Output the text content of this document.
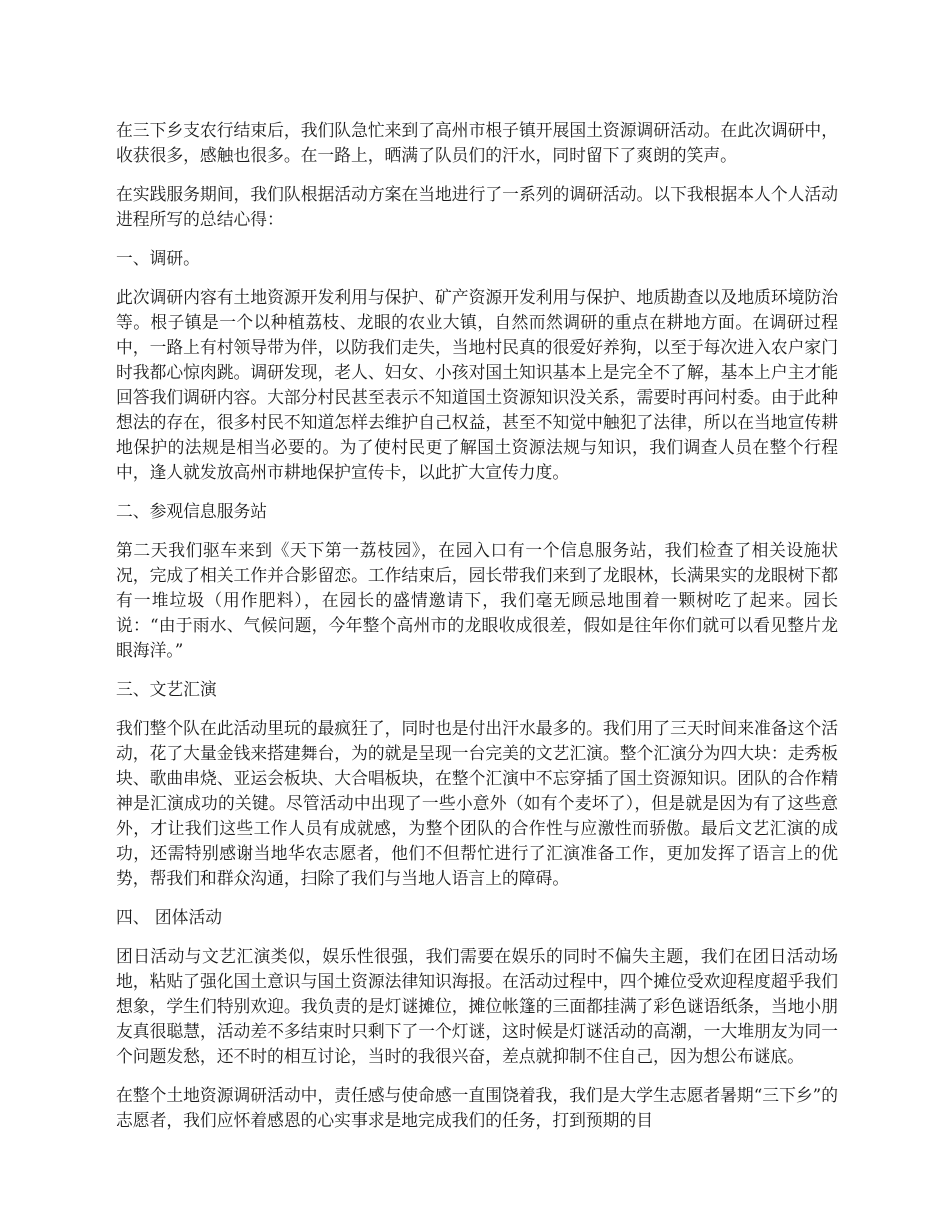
在三下乡支农行结束后，我们队急忙来到了高州市根子镇开展国土资源调研活动。在此次调研中，收获很多，感触也很多。在一路上，晒满了队员们的汗水，同时留下了爽朗的笑声。

在实践服务期间，我们队根据活动方案在当地进行了一系列的调研活动。以下我根据本人个人活动进程所写的总结心得：

一、调研。

此次调研内容有土地资源开发利用与保护、矿产资源开发利用与保护、地质勘查以及地质环境防治等。根子镇是一个以种植荔枝、龙眼的农业大镇，自然而然调研的重点在耕地方面。在调研过程中，一路上有村领导带为伴，以防我们走失，当地村民真的很爱好养狗，以至于每次进入农户家门时我都心惊肉跳。调研发现，老人、妇女、小孩对国土知识基本上是完全不了解，基本上户主才能回答我们调研内容。大部分村民甚至表示不知道国土资源知识没关系，需要时再问村委。由于此种想法的存在，很多村民不知道怎样去维护自己权益，甚至不知觉中触犯了法律，所以在当地宣传耕地保护的法规是相当必要的。为了使村民更了解国土资源法规与知识，我们调查人员在整个行程中，逢人就发放高州市耕地保护宣传卡，以此扩大宣传力度。

二、参观信息服务站

第二天我们驱车来到《天下第一荔枝园》，在园入口有一个信息服务站，我们检查了相关设施状况，完成了相关工作并合影留恋。工作结束后，园长带我们来到了龙眼林，长满果实的龙眼树下都有一堆垃圾（用作肥料），在园长的盛情邀请下，我们毫无顾忌地围着一颗树吃了起来。园长说：“由于雨水、气候问题，今年整个高州市的龙眼收成很差，假如是往年你们就可以看见整片龙眼海洋。”

三、文艺汇演

我们整个队在此活动里玩的最疯狂了，同时也是付出汗水最多的。我们用了三天时间来准备这个活动，花了大量金钱来搭建舞台，为的就是呈现一台完美的文艺汇演。整个汇演分为四大块：走秀板块、歌曲串烧、亚运会板块、大合唱板块，在整个汇演中不忘穿插了国土资源知识。团队的合作精神是汇演成功的关键。尽管活动中出现了一些小意外（如有个麦坏了），但是就是因为有了这些意外，才让我们这些工作人员有成就感，为整个团队的合作性与应激性而骄傲。最后文艺汇演的成功，还需特别感谢当地华农志愿者，他们不但帮忙进行了汇演准备工作，更加发挥了语言上的优势，帮我们和群众沟通，扫除了我们与当地人语言上的障碍。

四、 团体活动

团日活动与文艺汇演类似，娱乐性很强，我们需要在娱乐的同时不偏失主题，我们在团日活动场地，粘贴了强化国土意识与国土资源法律知识海报。在活动过程中，四个摊位受欢迎程度超乎我们想象，学生们特别欢迎。我负责的是灯谜摊位，摊位帐篷的三面都挂满了彩色谜语纸条，当地小朋友真很聪慧，活动差不多结束时只剩下了一个灯谜，这时候是灯谜活动的高潮，一大堆朋友为同一个问题发愁，还不时的相互讨论，当时的我很兴奋，差点就抑制不住自己，因为想公布谜底。

在整个土地资源调研活动中，责任感与使命感一直围饶着我，我们是大学生志愿者暑期“三下乡”的志愿者，我们应怀着感恩的心实事求是地完成我们的任务，打到预期的目
